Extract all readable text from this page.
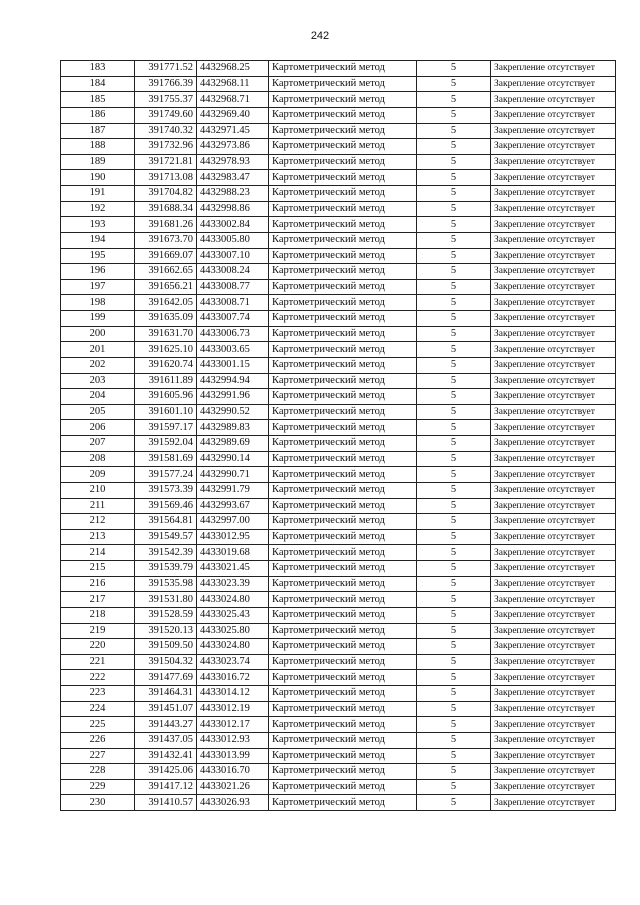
242
183	391771.52	4432968.25	Картометрический метод	5	Закрепление отсутствует
184	391766.39	4432968.11	Картометрический метод	5	Закрепление отсутствует
185	391755.37	4432968.71	Картометрический метод	5	Закрепление отсутствует
186	391749.60	4432969.40	Картометрический метод	5	Закрепление отсутствует
187	391740.32	4432971.45	Картометрический метод	5	Закрепление отсутствует
188	391732.96	4432973.86	Картометрический метод	5	Закрепление отсутствует
189	391721.81	4432978.93	Картометрический метод	5	Закрепление отсутствует
190	391713.08	4432983.47	Картометрический метод	5	Закрепление отсутствует
191	391704.82	4432988.23	Картометрический метод	5	Закрепление отсутствует
192	391688.34	4432998.86	Картометрический метод	5	Закрепление отсутствует
193	391681.26	4433002.84	Картометрический метод	5	Закрепление отсутствует
194	391673.70	4433005.80	Картометрический метод	5	Закрепление отсутствует
195	391669.07	4433007.10	Картометрический метод	5	Закрепление отсутствует
196	391662.65	4433008.24	Картометрический метод	5	Закрепление отсутствует
197	391656.21	4433008.77	Картометрический метод	5	Закрепление отсутствует
198	391642.05	4433008.71	Картометрический метод	5	Закрепление отсутствует
199	391635.09	4433007.74	Картометрический метод	5	Закрепление отсутствует
200	391631.70	4433006.73	Картометрический метод	5	Закрепление отсутствует
201	391625.10	4433003.65	Картометрический метод	5	Закрепление отсутствует
202	391620.74	4433001.15	Картометрический метод	5	Закрепление отсутствует
203	391611.89	4432994.94	Картометрический метод	5	Закрепление отсутствует
204	391605.96	4432991.96	Картометрический метод	5	Закрепление отсутствует
205	391601.10	4432990.52	Картометрический метод	5	Закрепление отсутствует
206	391597.17	4432989.83	Картометрический метод	5	Закрепление отсутствует
207	391592.04	4432989.69	Картометрический метод	5	Закрепление отсутствует
208	391581.69	4432990.14	Картометрический метод	5	Закрепление отсутствует
209	391577.24	4432990.71	Картометрический метод	5	Закрепление отсутствует
210	391573.39	4432991.79	Картометрический метод	5	Закрепление отсутствует
211	391569.46	4432993.67	Картометрический метод	5	Закрепление отсутствует
212	391564.81	4432997.00	Картометрический метод	5	Закрепление отсутствует
213	391549.57	4433012.95	Картометрический метод	5	Закрепление отсутствует
214	391542.39	4433019.68	Картометрический метод	5	Закрепление отсутствует
215	391539.79	4433021.45	Картометрический метод	5	Закрепление отсутствует
216	391535.98	4433023.39	Картометрический метод	5	Закрепление отсутствует
217	391531.80	4433024.80	Картометрический метод	5	Закрепление отсутствует
218	391528.59	4433025.43	Картометрический метод	5	Закрепление отсутствует
219	391520.13	4433025.80	Картометрический метод	5	Закрепление отсутствует
220	391509.50	4433024.80	Картометрический метод	5	Закрепление отсутствует
221	391504.32	4433023.74	Картометрический метод	5	Закрепление отсутствует
222	391477.69	4433016.72	Картометрический метод	5	Закрепление отсутствует
223	391464.31	4433014.12	Картометрический метод	5	Закрепление отсутствует
224	391451.07	4433012.19	Картометрический метод	5	Закрепление отсутствует
225	391443.27	4433012.17	Картометрический метод	5	Закрепление отсутствует
226	391437.05	4433012.93	Картометрический метод	5	Закрепление отсутствует
227	391432.41	4433013.99	Картометрический метод	5	Закрепление отсутствует
228	391425.06	4433016.70	Картометрический метод	5	Закрепление отсутствует
229	391417.12	4433021.26	Картометрический метод	5	Закрепление отсутствует
230	391410.57	4433026.93	Картометрический метод	5	Закрепление отсутствует
